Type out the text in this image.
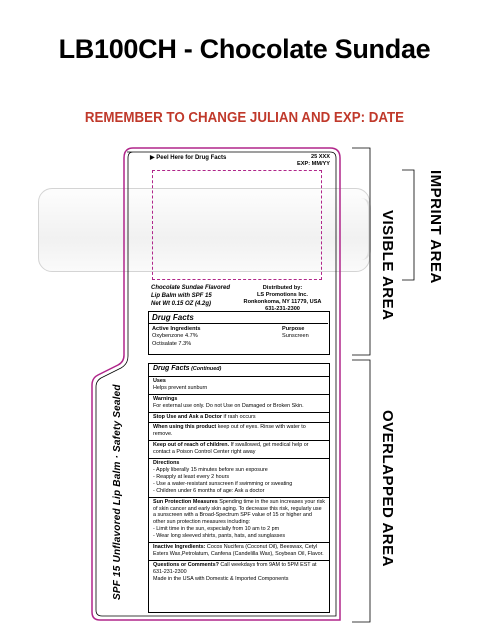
LB100CH - Chocolate Sundae
REMEMBER TO CHANGE JULIAN AND EXP: DATE
▶ Peel Here for Drug Facts	25 XXX
EXP: MM/YY
Chocolate Sundae Flavored
Lip Balm with SPF 15
Net Wt 0.15 OZ (4.2g)
Distributed by:
LS Promotions Inc.
Ronkonkoma, NY 11779, USA
631-231-2300
Drug Facts
Active Ingredients
Oxybenzone 4.7%
Octisalate 7.3%
Purpose
Sunscreen
Drug Facts (Continued)
Uses
Helps prevent sunburn
Warnings
For external use only. Do not Use on Damaged or Broken Skin.
Stop Use and Ask a Doctor if rash occurs
When using this product keep out of eyes. Rinse with water to remove.
Keep out of reach of children. If swallowed, get medical help or contact a Poison Control Center right away
Directions
- Apply liberally 15 minutes before sun exposure
- Reapply at least every 2 hours
- Use a water-resistant sunscreen if swimming or sweating
- Children under 6 months of age: Ask a doctor
Sun Protection Measures Spending time in the sun increases your risk of skin cancer and early skin aging. To decrease this risk, regularly use a sunscreen with a Broad-Spectrum SPF value of 15 or higher and other sun protection measures including:
- Limit time in the sun, especially from 10 am to 2 pm
- Wear long sleeved shirts, pants, hats, and sunglasses
Inactive Ingredients: Cocos Nucifera (Coconut Oil), Beeswax, Cetyl Esters Wax,Petrolatum, Canfena (Candelilla Wax), Soybean Oil, Flavor.
Questions or Comments? Call weekdays from 9AM to 5PM EST at 631-231-2300
Made in the USA with Domestic & Imported Components
SPF 15 Unflavored Lip Balm · Safety Sealed
IMPRINT AREA
VISIBLE AREA
OVERLAPPED AREA
